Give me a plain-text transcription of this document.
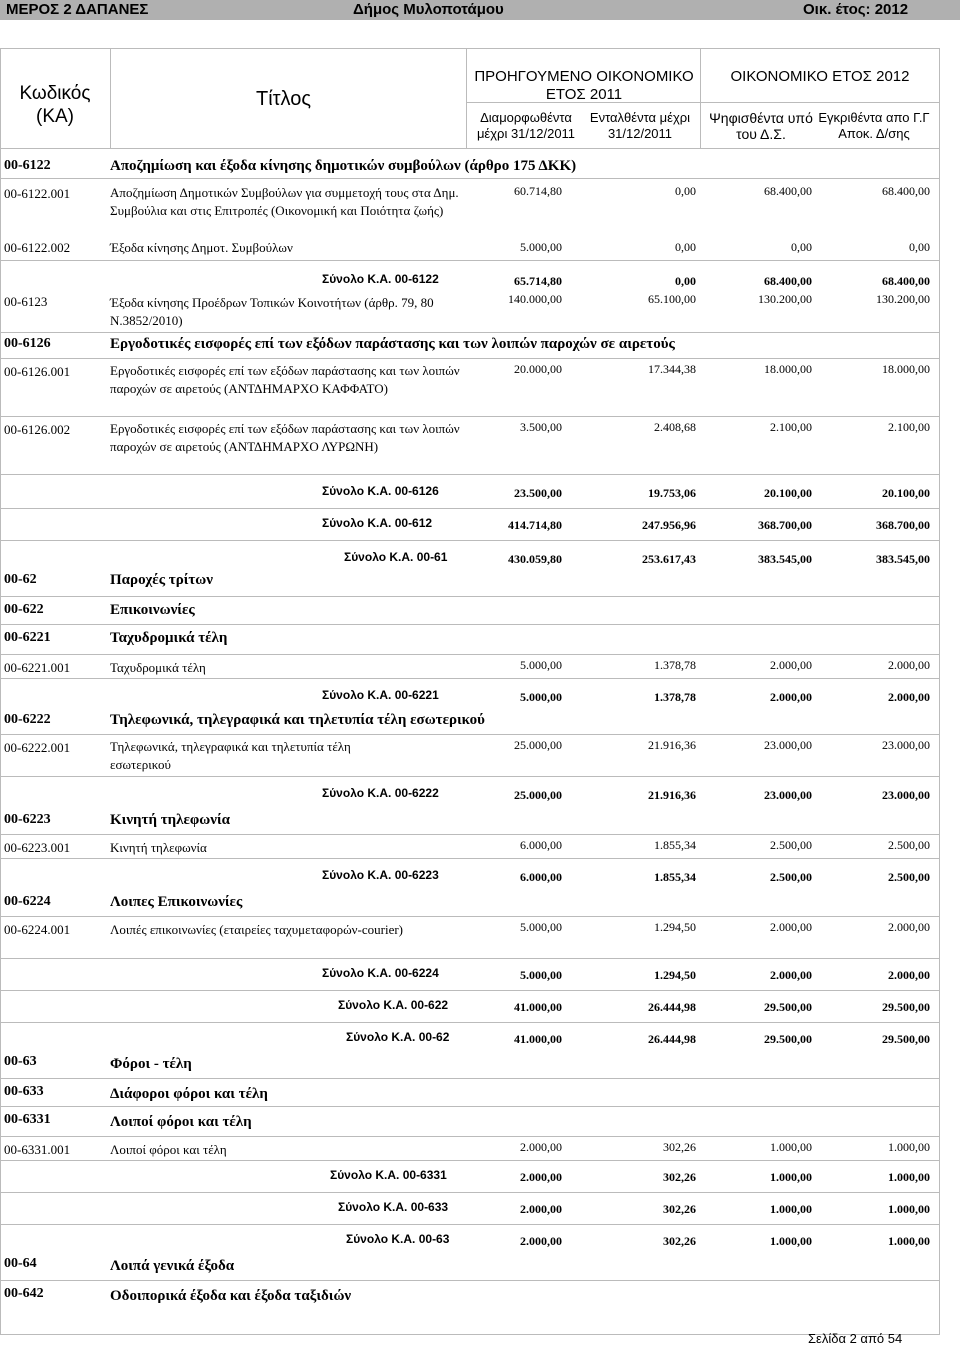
ΜΕΡΟΣ 2 ΔΑΠΑΝΕΣ	Δήμος Μυλοποτάμου	Οικ. έτος: 2012
Κωδικός (ΚΑ)
Τίτλος
ΠΡΟΗΓΟΥΜΕΝΟ ΟΙΚΟΝΟΜΙΚΟ ΕΤΟΣ 2011
ΟΙΚΟΝΟΜΙΚΟ ΕΤΟΣ 2012
Διαμορφωθέντα μέχρι 31/12/2011
Ενταλθέντα μέχρι 31/12/2011
Ψηφισθέντα υπό του Δ.Σ.
Εγκριθέντα απο Γ.Γ Αποκ. Δ/σης
00-6122	Αποζημίωση και έξοδα κίνησης δημοτικών συμβούλων (άρθρο 175 ΔΚΚ)
00-6122.001	Αποζημίωση Δημοτικών Συμβούλων για συμμετοχή τους στα Δημ. Συμβούλια και στις Επιτροπές (Οικονομική και Ποιότητα ζωής)
60.714,80	0,00	68.400,00	68.400,00
00-6122.002	Έξοδα κίνησης Δημοτ. Συμβούλων	5.000,00	0,00	0,00	0,00
Σύνολο Κ.Α. 00-6122	65.714,80	0,00	68.400,00	68.400,00
00-6123	Έξοδα κίνησης Προέδρων Τοπικών Κοινοτήτων (άρθρ. 79, 80 Ν.3852/2010)
140.000,00	65.100,00	130.200,00	130.200,00
00-6126	Εργοδοτικές εισφορές επί των εξόδων παράστασης και των λοιπών παροχών σε αιρετούς
00-6126.001	Εργοδοτικές εισφορές επί των εξόδων παράστασης και των λοιπών παροχών σε αιρετούς (ΑΝΤΔΗΜΑΡΧΟ ΚΑΦΦΑΤΟ)
20.000,00	17.344,38	18.000,00	18.000,00
00-6126.002	Εργοδοτικές εισφορές επί των εξόδων παράστασης και των λοιπών παροχών σε αιρετούς (ΑΝΤΔΗΜΑΡΧΟ ΛΥΡΩΝΗ)
3.500,00	2.408,68	2.100,00	2.100,00
Σύνολο Κ.Α. 00-6126	23.500,00	19.753,06	20.100,00	20.100,00
Σύνολο Κ.Α. 00-612	414.714,80	247.956,96	368.700,00	368.700,00
Σύνολο Κ.Α. 00-61	430.059,80	253.617,43	383.545,00	383.545,00
00-62	Παροχές τρίτων
00-622	Επικοινωνίες
00-6221	Ταχυδρομικά τέλη
00-6221.001	Ταχυδρομικά τέλη	5.000,00	1.378,78	2.000,00	2.000,00
Σύνολο Κ.Α. 00-6221	5.000,00	1.378,78	2.000,00	2.000,00
00-6222	Τηλεφωνικά, τηλεγραφικά και τηλετυπία τέλη εσωτερικού
00-6222.001	Τηλεφωνικά, τηλεγραφικά και τηλετυπία τέλη εσωτερικού
25.000,00	21.916,36	23.000,00	23.000,00
Σύνολο Κ.Α. 00-6222	25.000,00	21.916,36	23.000,00	23.000,00
00-6223	Κινητή τηλεφωνία
00-6223.001	Κινητή τηλεφωνία	6.000,00	1.855,34	2.500,00	2.500,00
Σύνολο Κ.Α. 00-6223	6.000,00	1.855,34	2.500,00	2.500,00
00-6224	Λοιπες Επικοινωνίες
00-6224.001	Λοιπές επικοινωνίες (εταιρείες ταχυμεταφορών-courier)	5.000,00	1.294,50	2.000,00	2.000,00
Σύνολο Κ.Α. 00-6224	5.000,00	1.294,50	2.000,00	2.000,00
Σύνολο Κ.Α. 00-622	41.000,00	26.444,98	29.500,00	29.500,00
Σύνολο Κ.Α. 00-62	41.000,00	26.444,98	29.500,00	29.500,00
00-63	Φόροι - τέλη
00-633	Διάφοροι φόροι και τέλη
00-6331	Λοιποί φόροι και τέλη
00-6331.001	Λοιποί φόροι και τέλη	2.000,00	302,26	1.000,00	1.000,00
Σύνολο Κ.Α. 00-6331	2.000,00	302,26	1.000,00	1.000,00
Σύνολο Κ.Α. 00-633	2.000,00	302,26	1.000,00	1.000,00
Σύνολο Κ.Α. 00-63	2.000,00	302,26	1.000,00	1.000,00
00-64	Λοιπά γενικά έξοδα
00-642	Οδοιπορικά έξοδα και έξοδα ταξιδιών
Σελίδα 2 από 54
